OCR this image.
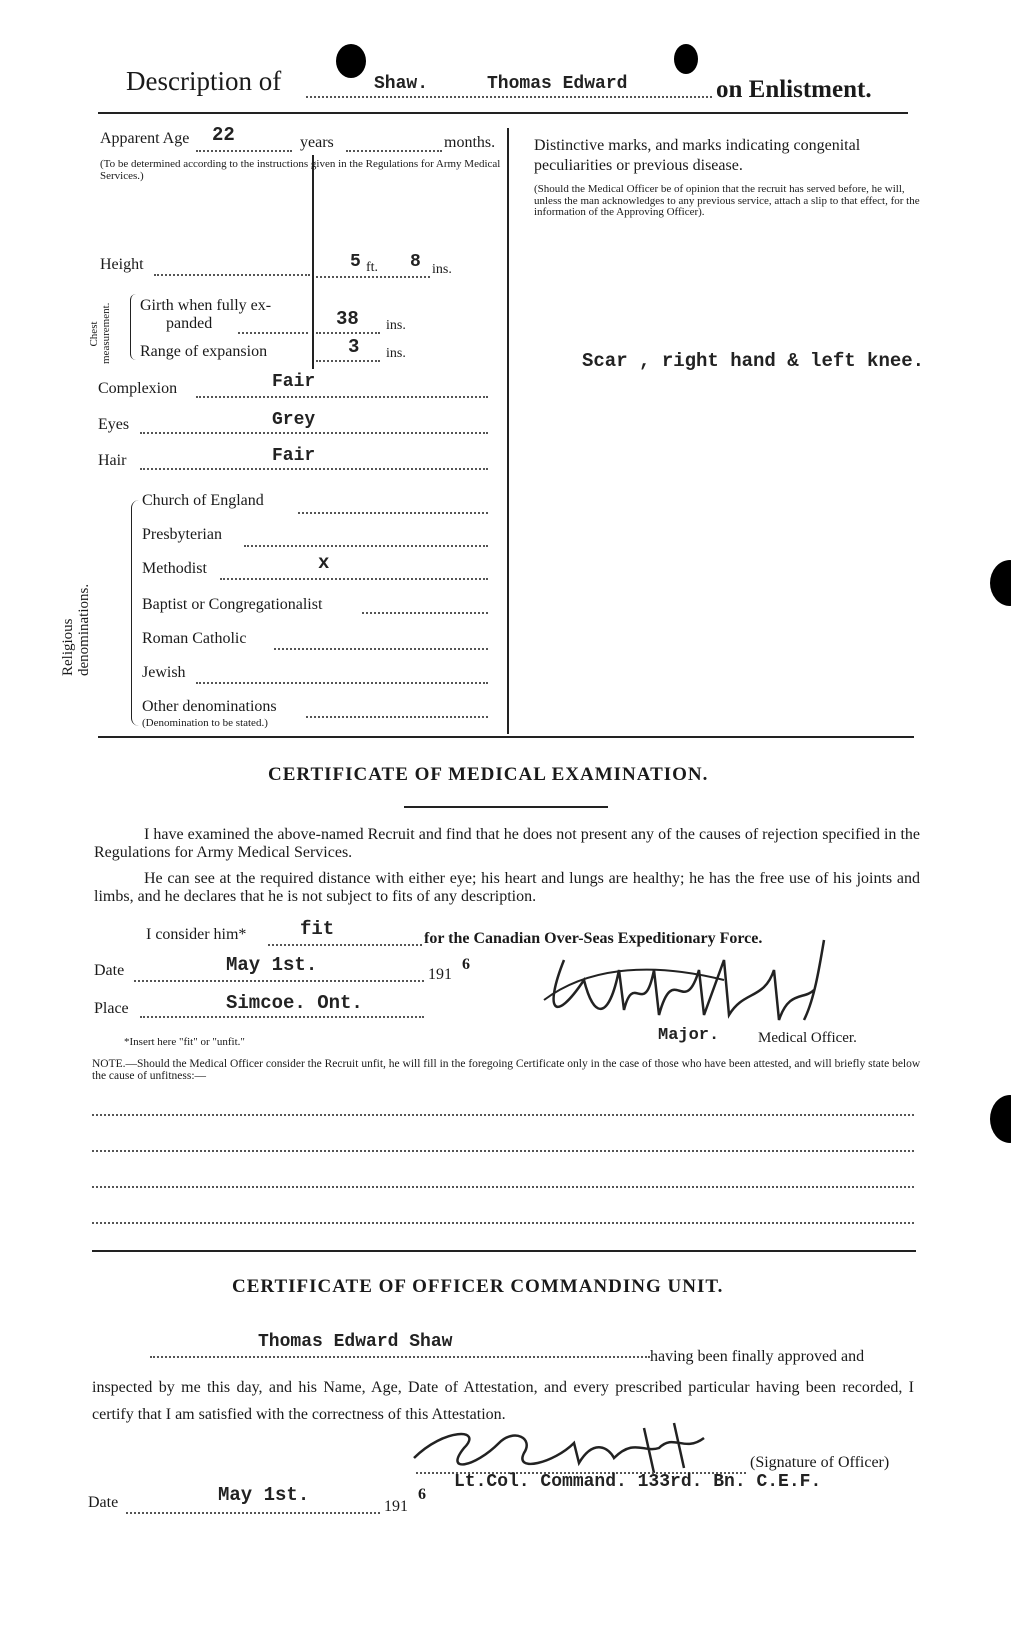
Description of	Shaw.	Thomas Edward	on Enlistment.
Apparent Age 22	years	months.
(To be determined according to the instructions given in the Regulations for Army Medical Services.)
Height	5 ft. 8 ins.
Chest measurement. Girth when fully ex-
panded	38 ins.
Range of expansion	3 ins.
Complexion	Fair
Eyes	Grey
Hair	Fair
Religious
denominations.
Church of England
Presbyterian
Methodist	x
Baptist or Congregationalist
Roman Catholic
Jewish
Other denominations
(Denomination to be stated.)
Distinctive marks, and marks indicating congenital peculiarities or previous disease.
(Should the Medical Officer be of opinion that the recruit has served before, he will, unless the man acknowledges to any previous service, attach a slip to that effect, for the information of the Approving Officer).
Scar , right hand & left knee.
CERTIFICATE OF MEDICAL EXAMINATION.
I have examined the above-named Recruit and find that he does not present any of the causes of rejection specified in the Regulations for Army Medical Services.
He can see at the required distance with either eye; his heart and lungs are healthy; he has the free use of his joints and limbs, and he declares that he is not subject to fits of any description.
I consider him*	fit	for the Canadian Over-Seas Expeditionary Force.
Date	May 1st.	191
6
Place	Simcoe. Ont.
*Insert here "fit" or "unfit."	Major.	Medical Officer.
NOTE.—Should the Medical Officer consider the Recruit unfit, he will fill in the foregoing Certificate only in the case of those who have been attested, and will briefly state below the cause of unfitness:—
CERTIFICATE OF OFFICER COMMANDING UNIT.
Thomas Edward Shaw
having been finally approved and
inspected by me this day, and his Name, Age, Date of Attestation, and every prescribed particular having been recorded, I certify that I am satisfied with the correctness of this Attestation.
(Signature of Officer)
Lt.Col. Command. 133rd. Bn. C.E.F.
Date	May 1st.
191
6
